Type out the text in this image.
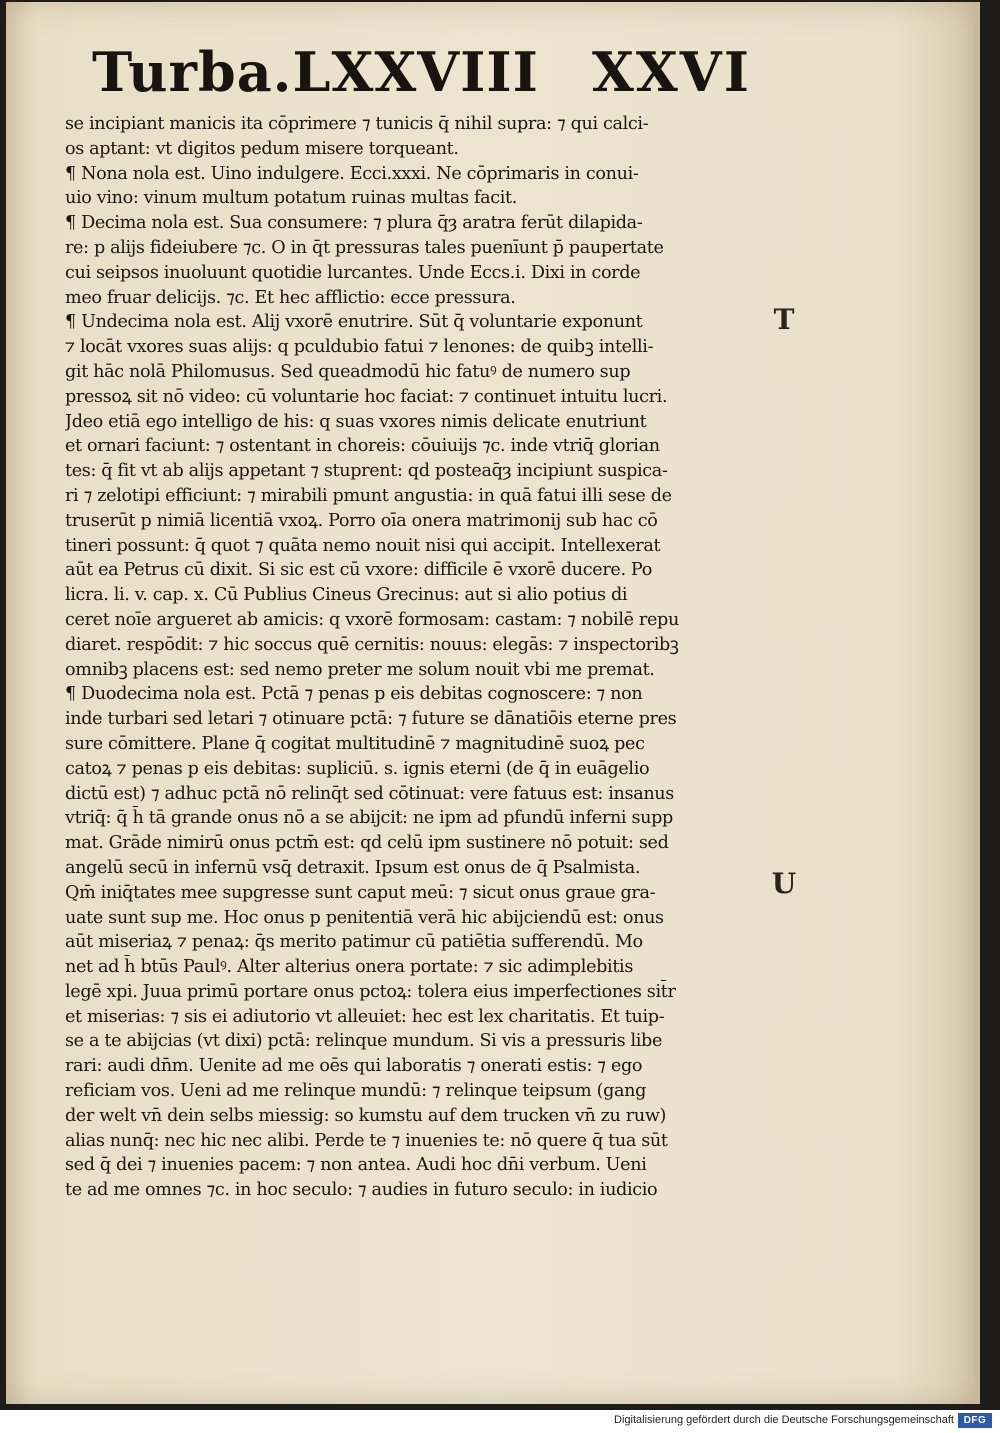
Turba.LXXVIII XXVI
se incipiant manicis ita cōprimere ⁊ tunicis q̄ nihil supra: ⁊ qui calci-
os aptant: vt digitos pedum misere torqueant.
¶ Nona nola est. Uino indulgere. Ecci.xxxi. Ne cōprimaris in conui-
uio vino: vinum multum potatum ruinas multas facit.
¶ Decima nola est. Sua consumere: ⁊ plura q̄ȝ aratra ferūt dilapida-
re: p alijs fideiubere ⁊c. O in q̄t pressuras tales puenīunt p̄ paupertate
cui seipsos inuoluunt quotidie lurcantes. Unde Eccs.i. Dixi in corde
meo fruar delicijs. ⁊c. Et hec afflictio: ecce pressura.
¶ Undecima nola est. Alij vxorē enutrire. Sūt q̄ voluntarie exponunt
⁊ locāt vxores suas alijs: q pculdubio fatui ⁊ lenones: de quibꝫ intelli-
git hāc nolā Philomusus. Sed queadmodū hic fatuꝰ de numero sup
pressoꝝ sit nō video: cū voluntarie hoc faciat: ⁊ continuet intuitu lucri.
Jdeo etiā ego intelligo de his: q suas vxores nimis delicate enutriunt
et ornari faciunt: ⁊ ostentant in choreis: cōuiuijs ⁊c. inde vtriq̄ glorian
tes: q̄ fit vt ab alijs appetant ⁊ stuprent: qd posteaq̄ȝ incipiunt suspica-
ri ⁊ zelotipi efficiunt: ⁊ mirabili pmunt angustia: in quā fatui illi sese de
truserūt p nimiā licentiā vxoꝝ. Porro oīa onera matrimonij sub hac cō
tineri possunt: q̄ quot ⁊ quāta nemo nouit nisi qui accipit. Intellexerat
aūt ea Petrus cū dixit. Si sic est cū vxore: difficile ē vxorē ducere. Po
licra. li. v. cap. x. Cū Publius Cineus Grecinus: aut si alio potius di
ceret noīe argueret ab amicis: q vxorē formosam: castam: ⁊ nobilē repu
diaret. respōdit: ⁊ hic soccus quē cernitis: nouus: elegās: ⁊ inspectoribꝫ
omnibꝫ placens est: sed nemo preter me solum nouit vbi me premat.
¶ Duodecima nola est. Pctā ⁊ penas p eis debitas cognoscere: ⁊ non
inde turbari sed letari ⁊ otinuare pctā: ⁊ future se dānatiōis eterne pres
sure cōmittere. Plane q̄ cogitat multitudinē ⁊ magnitudinē suoꝝ pec
catoꝝ ⁊ penas p eis debitas: supliciū. s. ignis eterni (de q̄ in euāgelio
dictū est) ⁊ adhuc pctā nō relinq̄t sed cōtinuat: vere fatuus est: insanus
vtriq̄: q̄ h̄ tā grande onus nō a se abijcit: ne ipm ad pfundū inferni supp
mat. Grāde nimirū onus pctm̄ est: qd celū ipm sustinere nō potuit: sed
angelū secū in infernū vsq̄ detraxit. Ipsum est onus de q̄ Psalmista.
Qm̄ iniq̄tates mee supgresse sunt caput meū: ⁊ sicut onus graue gra-
uate sunt sup me. Hoc onus p penitentiā verā hic abijciendū est: onus
aūt miseriaꝝ ⁊ penaꝝ: q̄s merito patimur cū patiētia sufferendū. Mo
net ad h̄ btūs Paulꝰ. Alter alterius onera portate: ⁊ sic adimplebitis
legē xpi. Juua primū portare onus pctoꝝ: tolera eius imperfectiones sit̄r
et miserias: ⁊ sis ei adiutorio vt alleuiet: hec est lex charitatis. Et tuip-
se a te abijcias (vt dixi) pctā: relinque mundum. Si vis a pressuris libe
rari: audi dn̄m. Uenite ad me oēs qui laboratis ⁊ onerati estis: ⁊ ego
reficiam vos. Ueni ad me relinque mundū: ⁊ relinque teipsum (gang
der welt vn̄ dein selbs miessig: so kumstu auf dem trucken vn̄ zu ruw)
alias nunq̄: nec hic nec alibi. Perde te ⁊ inuenies te: nō quere q̄ tua sūt
sed q̄ dei ⁊ inuenies pacem: ⁊ non antea. Audi hoc dn̄i verbum. Ueni
te ad me omnes ⁊c. in hoc seculo: ⁊ audies in futuro seculo: in iudicio
T
U
Digitalisierung gefördert durch die Deutsche Forschungsgemeinschaft DFG
